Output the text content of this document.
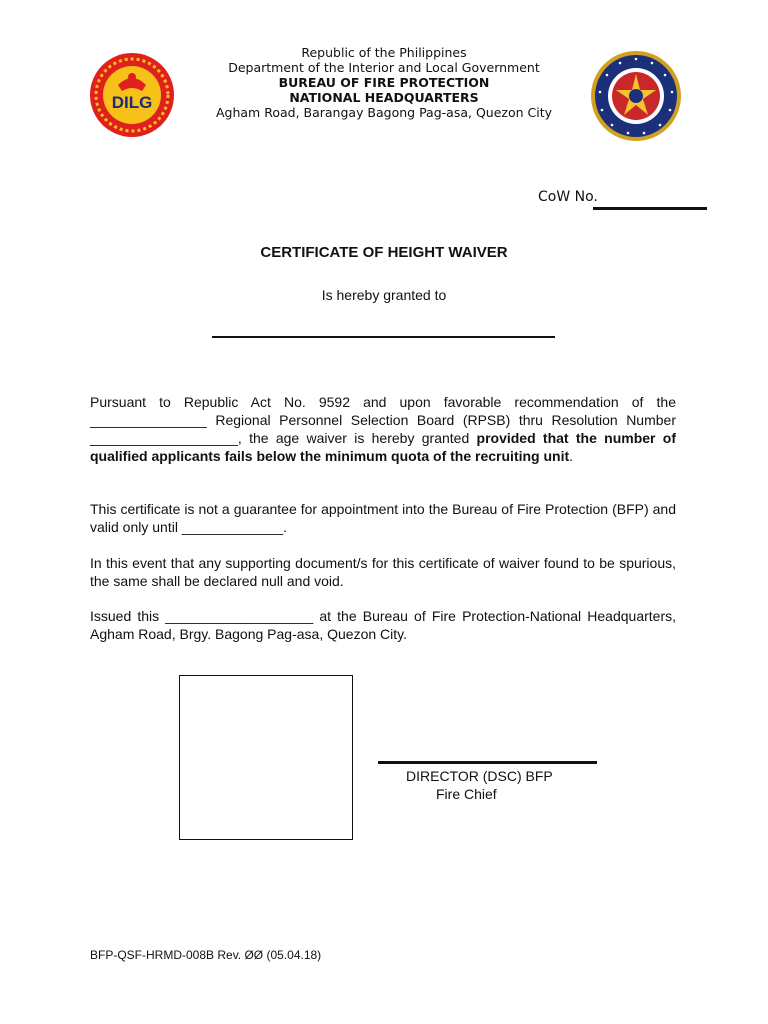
DILG
Republic of the Philippines
Department of the Interior and Local Government
BUREAU OF FIRE PROTECTION
NATIONAL HEADQUARTERS
Agham Road, Barangay Bagong Pag-asa, Quezon City
CoW No.
CERTIFICATE OF HEIGHT WAIVER
Is hereby granted to
Pursuant to Republic Act No. 9592 and upon favorable recommendation of the _______________ Regional Personnel Selection Board (RPSB) thru Resolution Number ___________________, the age waiver is hereby granted provided that the number of qualified applicants fails below the minimum quota of the recruiting unit.
This certificate is not a guarantee for appointment into the Bureau of Fire Protection (BFP) and valid only until _____________.
In this event that any supporting document/s for this certificate of waiver found to be spurious, the same shall be declared null and void.
Issued this ___________________ at the Bureau of Fire Protection-National Headquarters, Agham Road, Brgy. Bagong Pag-asa, Quezon City.
DIRECTOR (DSC) BFP
Fire Chief
BFP-QSF-HRMD-008B Rev. ØØ (05.04.18)
